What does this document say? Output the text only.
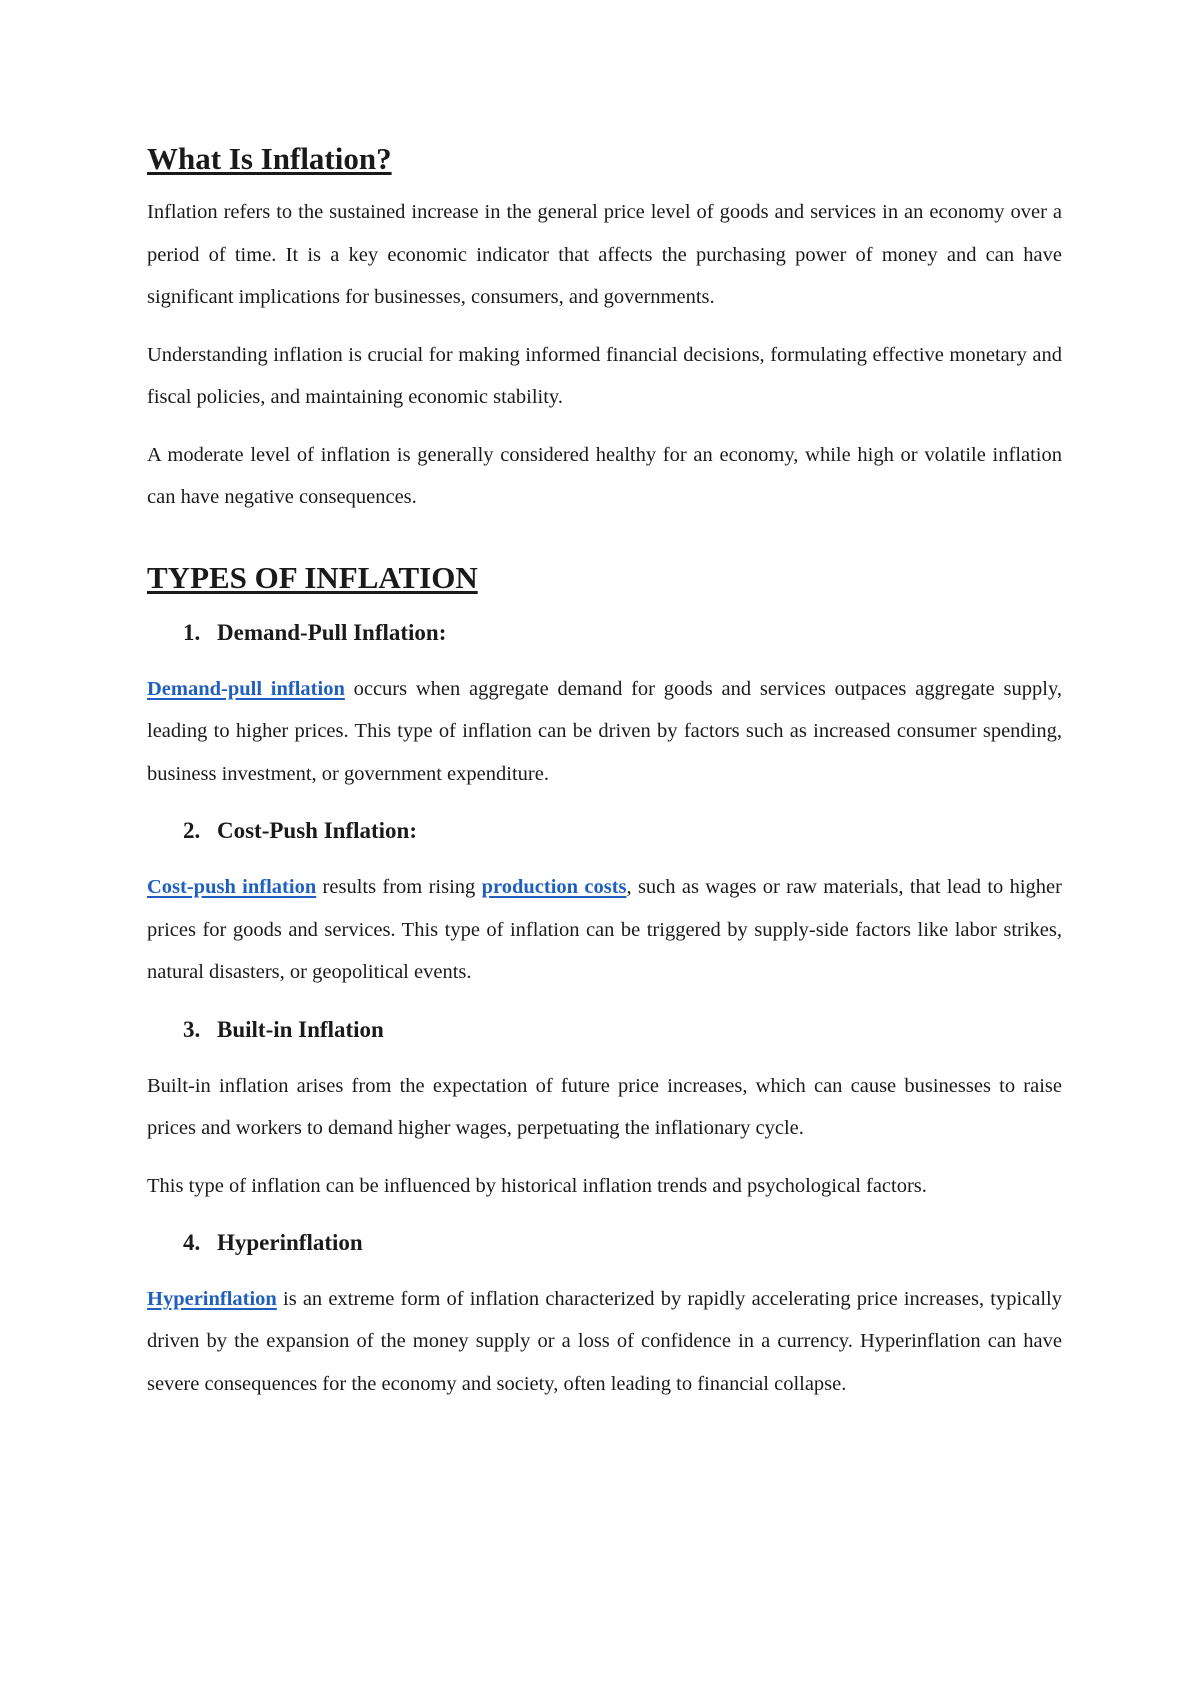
What Is Inflation?

Inflation refers to the sustained increase in the general price level of goods and services in an economy over a period of time. It is a key economic indicator that affects the purchasing power of money and can have significant implications for businesses, consumers, and governments.

Understanding inflation is crucial for making informed financial decisions, formulating effective monetary and fiscal policies, and maintaining economic stability.

A moderate level of inflation is generally considered healthy for an economy, while high or volatile inflation can have negative consequences.

TYPES OF INFLATION
1. Demand-Pull Inflation:

Demand-pull inflation occurs when aggregate demand for goods and services outpaces aggregate supply, leading to higher prices. This type of inflation can be driven by factors such as increased consumer spending, business investment, or government expenditure.

2. Cost-Push Inflation:

Cost-push inflation results from rising production costs, such as wages or raw materials, that lead to higher prices for goods and services. This type of inflation can be triggered by supply-side factors like labor strikes, natural disasters, or geopolitical events.

3. Built-in Inflation

Built-in inflation arises from the expectation of future price increases, which can cause businesses to raise prices and workers to demand higher wages, perpetuating the inflationary cycle.

This type of inflation can be influenced by historical inflation trends and psychological factors.

4. Hyperinflation

Hyperinflation is an extreme form of inflation characterized by rapidly accelerating price increases, typically driven by the expansion of the money supply or a loss of confidence in a currency. Hyperinflation can have severe consequences for the economy and society, often leading to financial collapse.
